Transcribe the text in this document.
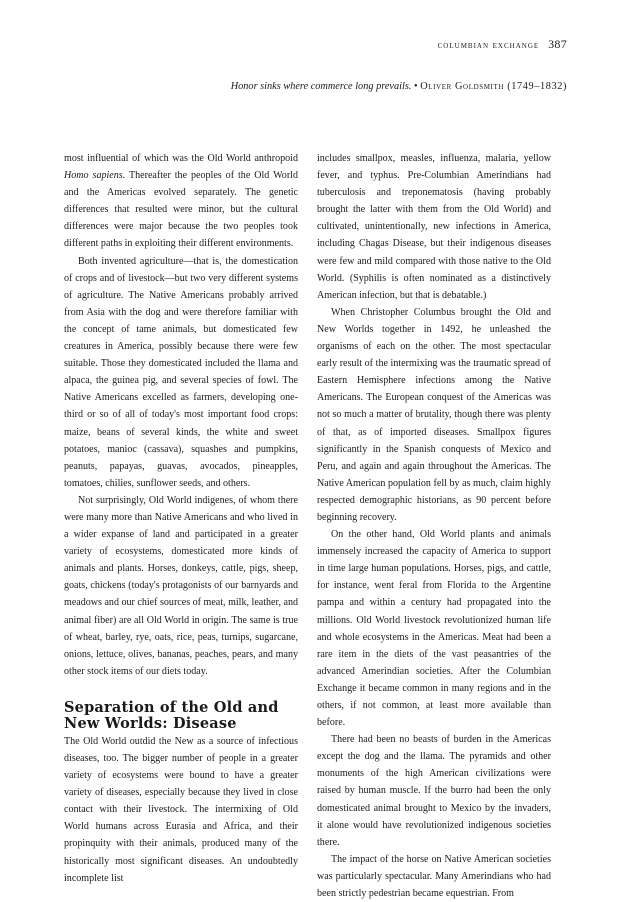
columbian exchange 387
Honor sinks where commerce long prevails. • Oliver Goldsmith (1749–1832)

most influential of which was the Old World anthropoid Homo sapiens. Thereafter the peoples of the Old World and the Americas evolved separately. The genetic differences that resulted were minor, but the cultural differences were major because the two peoples took different paths in exploiting their different environments.

Both invented agriculture—that is, the domestication of crops and of livestock—but two very different systems of agriculture. The Native Americans probably arrived from Asia with the dog and were therefore familiar with the concept of tame animals, but domesticated few creatures in America, possibly because there were few suitable. Those they domesticated included the llama and alpaca, the guinea pig, and several species of fowl. The Native Americans excelled as farmers, developing one-third or so of all of today's most important food crops: maize, beans of several kinds, the white and sweet potatoes, manioc (cassava), squashes and pumpkins, peanuts, papayas, guavas, avocados, pineapples, tomatoes, chilies, sunflower seeds, and others.

Not surprisingly, Old World indigenes, of whom there were many more than Native Americans and who lived in a wider expanse of land and participated in a greater variety of ecosystems, domesticated more kinds of animals and plants. Horses, donkeys, cattle, pigs, sheep, goats, chickens (today's protagonists of our barnyards and meadows and our chief sources of meat, milk, leather, and animal fiber) are all Old World in origin. The same is true of wheat, barley, rye, oats, rice, peas, turnips, sugarcane, onions, lettuce, olives, bananas, peaches, pears, and many other stock items of our diets today.

Separation of the Old and New Worlds: Disease

The Old World outdid the New as a source of infectious diseases, too. The bigger number of people in a greater variety of ecosystems were bound to have a greater variety of diseases, especially because they lived in close contact with their livestock. The intermixing of Old World humans across Eurasia and Africa, and their propinquity with their animals, produced many of the historically most significant diseases. An undoubtedly incomplete list

includes smallpox, measles, influenza, malaria, yellow fever, and typhus. Pre-Columbian Amerindians had tuberculosis and treponematosis (having probably brought the latter with them from the Old World) and cultivated, unintentionally, new infections in America, including Chagas Disease, but their indigenous diseases were few and mild compared with those native to the Old World. (Syphilis is often nominated as a distinctively American infection, but that is debatable.)

When Christopher Columbus brought the Old and New Worlds together in 1492, he unleashed the organisms of each on the other. The most spectacular early result of the intermixing was the traumatic spread of Eastern Hemisphere infections among the Native Americans. The European conquest of the Americas was not so much a matter of brutality, though there was plenty of that, as of imported diseases. Smallpox figures significantly in the Spanish conquests of Mexico and Peru, and again and again throughout the Americas. The Native American population fell by as much, claim highly respected demographic historians, as 90 percent before beginning recovery.

On the other hand, Old World plants and animals immensely increased the capacity of America to support in time large human populations. Horses, pigs, and cattle, for instance, went feral from Florida to the Argentine pampa and within a century had propagated into the millions. Old World livestock revolutionized human life and whole ecosystems in the Americas. Meat had been a rare item in the diets of the vast peasantries of the advanced Amerindian societies. After the Columbian Exchange it became common in many regions and in the others, if not common, at least more available than before.

There had been no beasts of burden in the Americas except the dog and the llama. The pyramids and other monuments of the high American civilizations were raised by human muscle. If the burro had been the only domesticated animal brought to Mexico by the invaders, it alone would have revolutionized indigenous societies there.

The impact of the horse on Native American societies was particularly spectacular. Many Amerindians who had been strictly pedestrian became equestrian. From
